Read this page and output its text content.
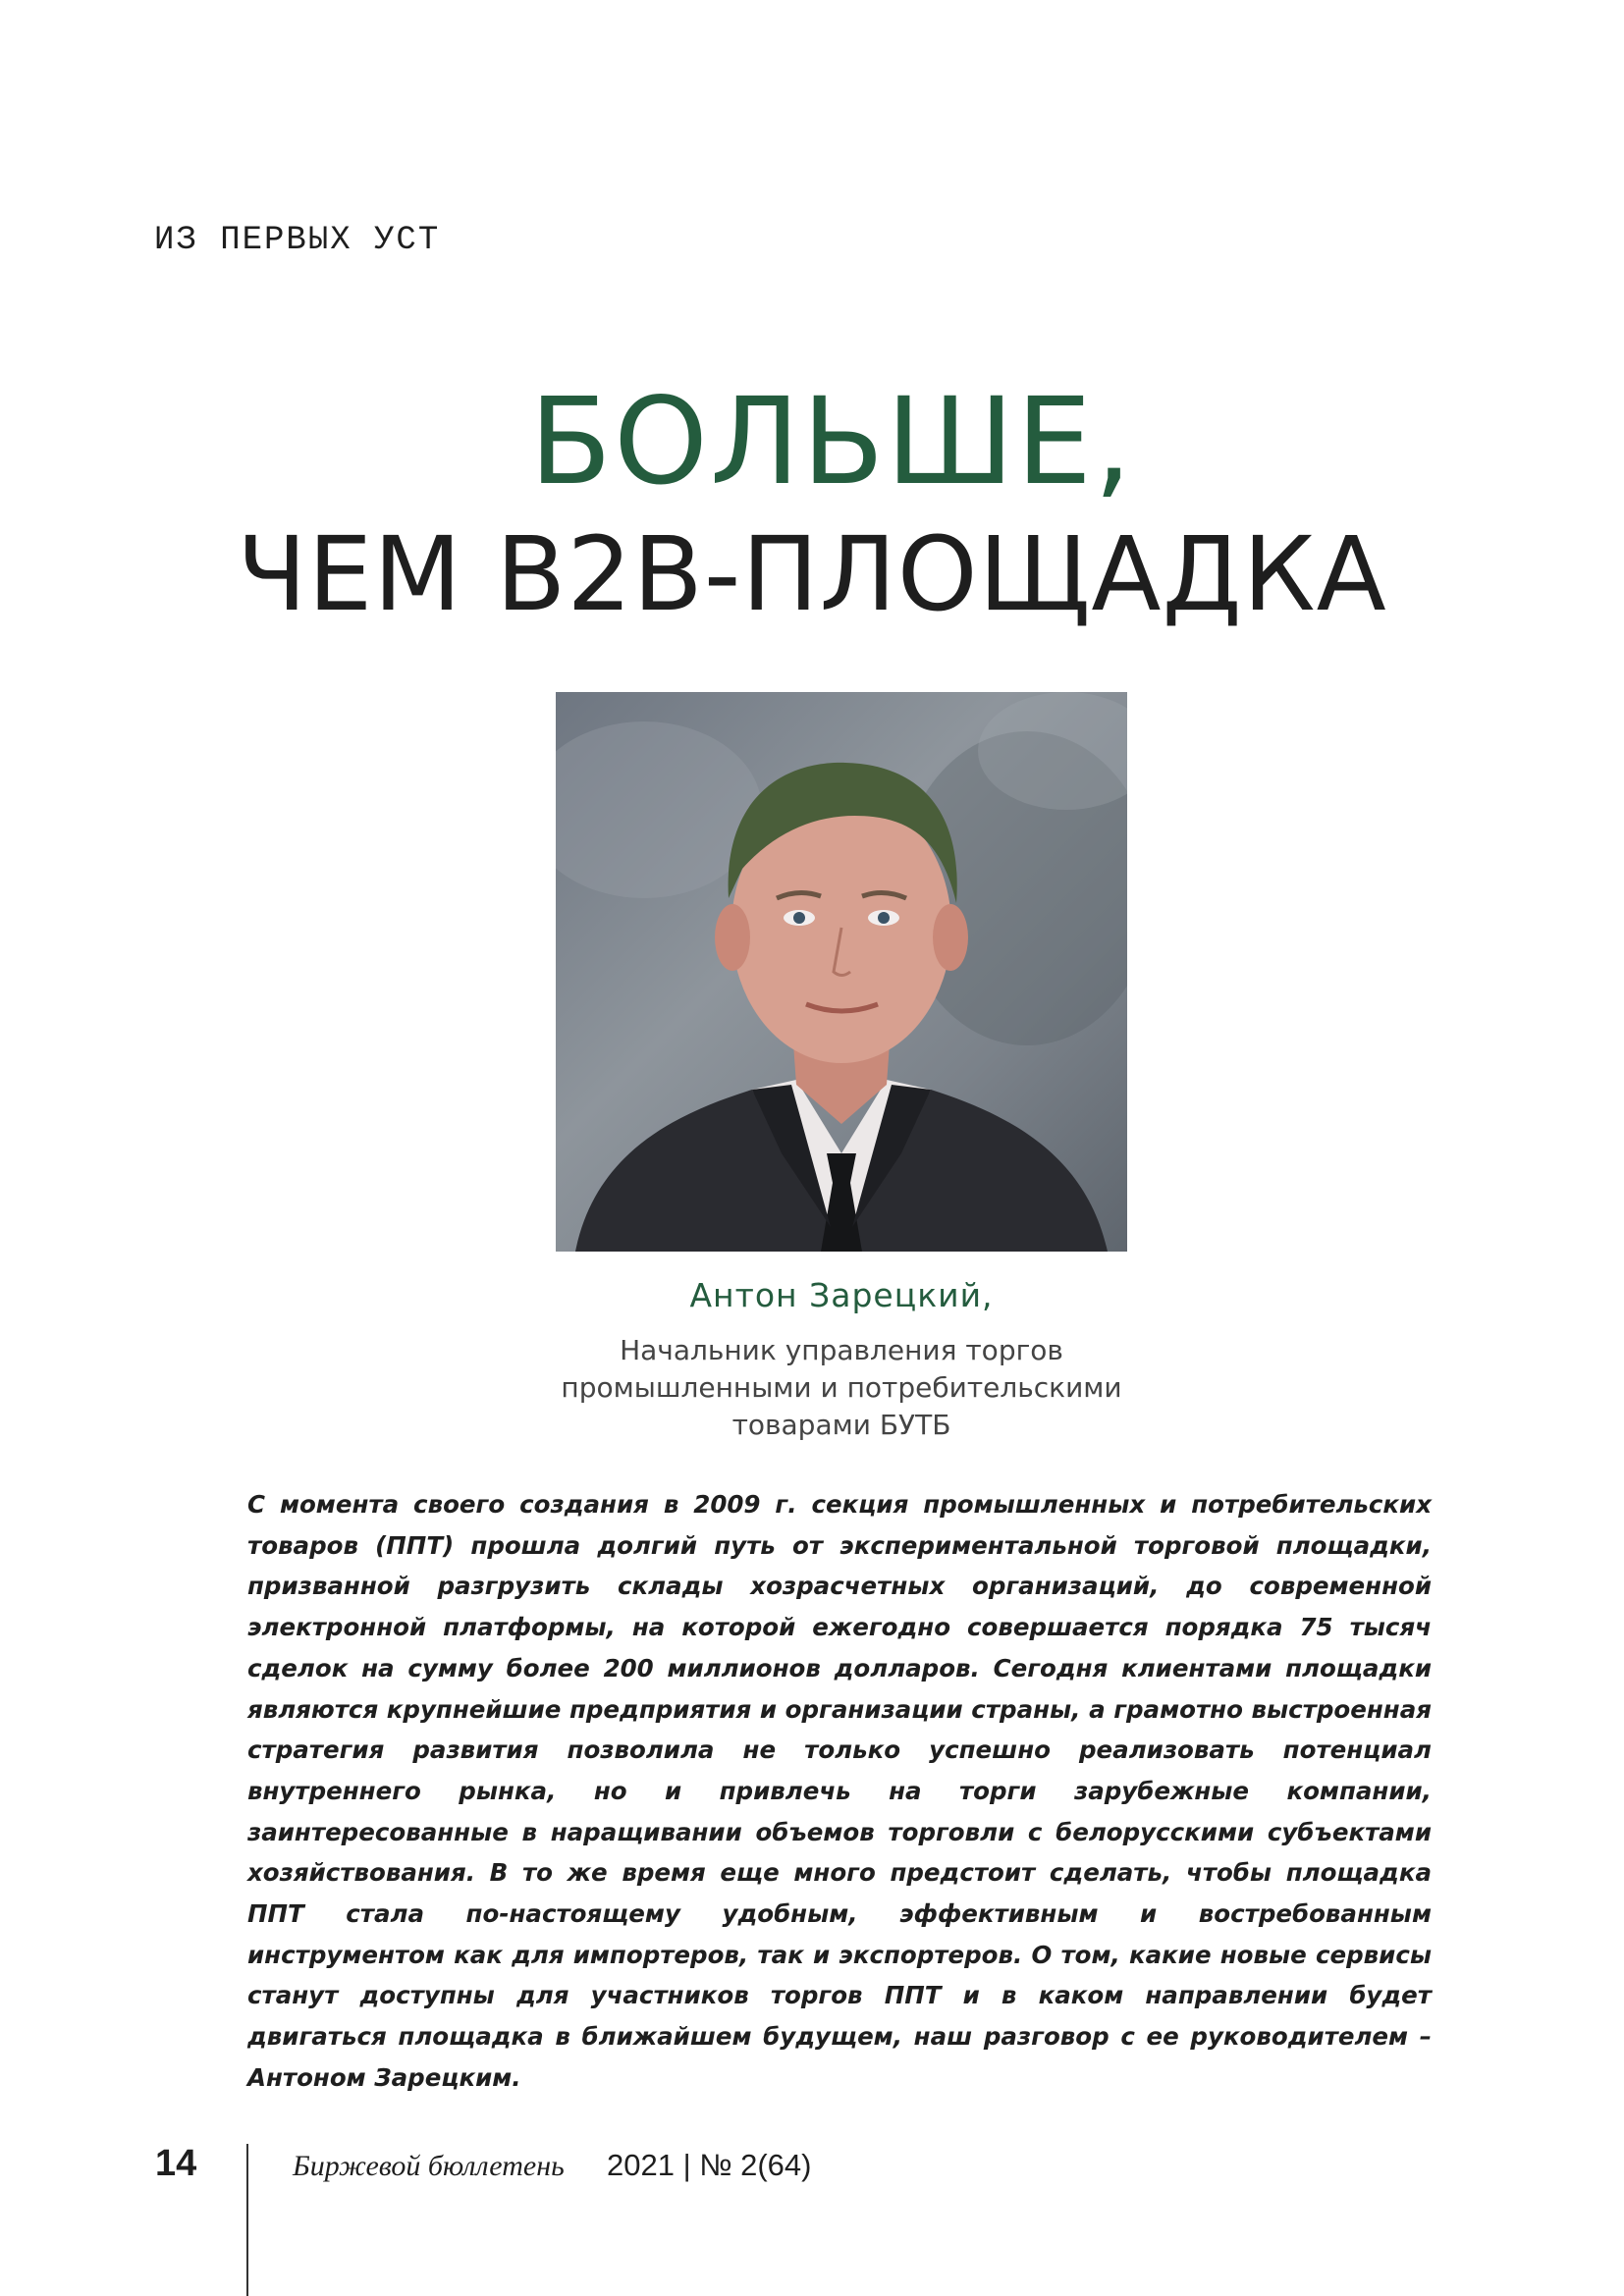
ИЗ ПЕРВЫХ УСТ
БОЛЬШЕ,
ЧЕМ B2B-ПЛОЩАДКА
Антон Зарецкий,
Начальник управления торгов
промышленными и потребительскими
товарами БУТБ

С момента своего создания в 2009 г. секция промышленных и потребительских товаров (ППТ) прошла долгий путь от экспериментальной торговой площадки, призванной разгрузить склады хозрасчетных организаций, до современной электронной платформы, на которой ежегодно совершается порядка 75 тысяч сделок на сумму более 200 миллионов долларов. Сегодня клиентами площадки являются крупнейшие предприятия и организации страны, а грамотно выстроенная стратегия развития позволила не только успешно реализовать потенциал внутреннего рынка, но и привлечь на торги зарубежные компании, заинтересованные в наращивании объемов торговли с белорусскими субъектами хозяйствования. В то же время еще много предстоит сделать, чтобы площадка ППТ стала по-настоящему удобным, эффективным и востребованным инструментом как для импортеров, так и экспортеров. О том, какие новые сервисы станут доступны для участников торгов ППТ и в каком направлении будет двигаться площадка в ближайшем будущем, наш разговор с ее руководителем – Антоном Зарецким.

14	Биржевой бюллетень 2021 | № 2(64)
